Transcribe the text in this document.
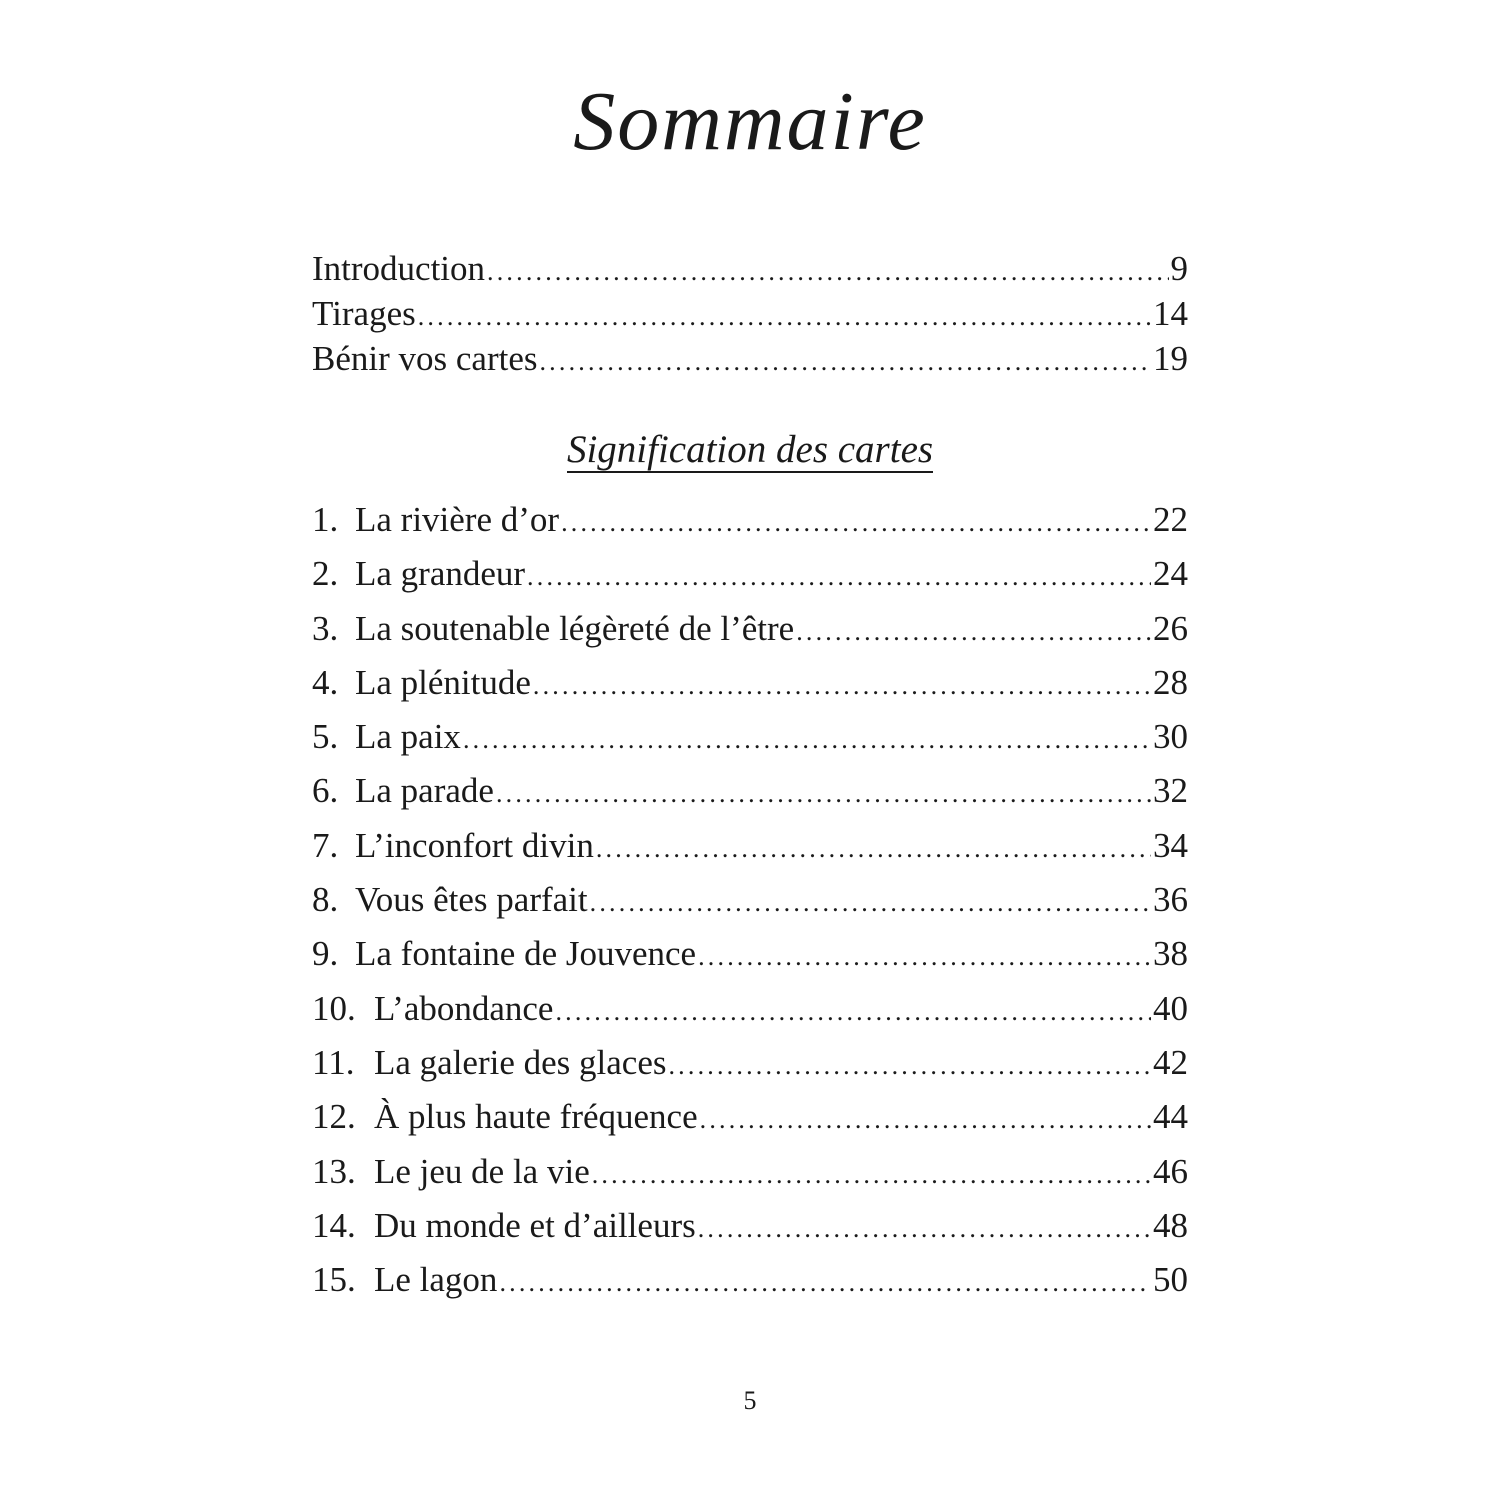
Sommaire
Introduction .....	9
Tirages .....	14
Bénir vos cartes .....	19
Signification des cartes
1. La rivière d’or .....	22
2. La grandeur .....	24
3. La soutenable légèreté de l’être .....	26
4. La plénitude .....	28
5. La paix .....	30
6. La parade .....	32
7. L’inconfort divin .....	34
8. Vous êtes parfait .....	36
9. La fontaine de Jouvence .....	38
10. L’abondance .....	40
11. La galerie des glaces .....	42
12. À plus haute fréquence .....	44
13. Le jeu de la vie .....	46
14. Du monde et d’ailleurs .....	48
15. Le lagon .....	50
5
